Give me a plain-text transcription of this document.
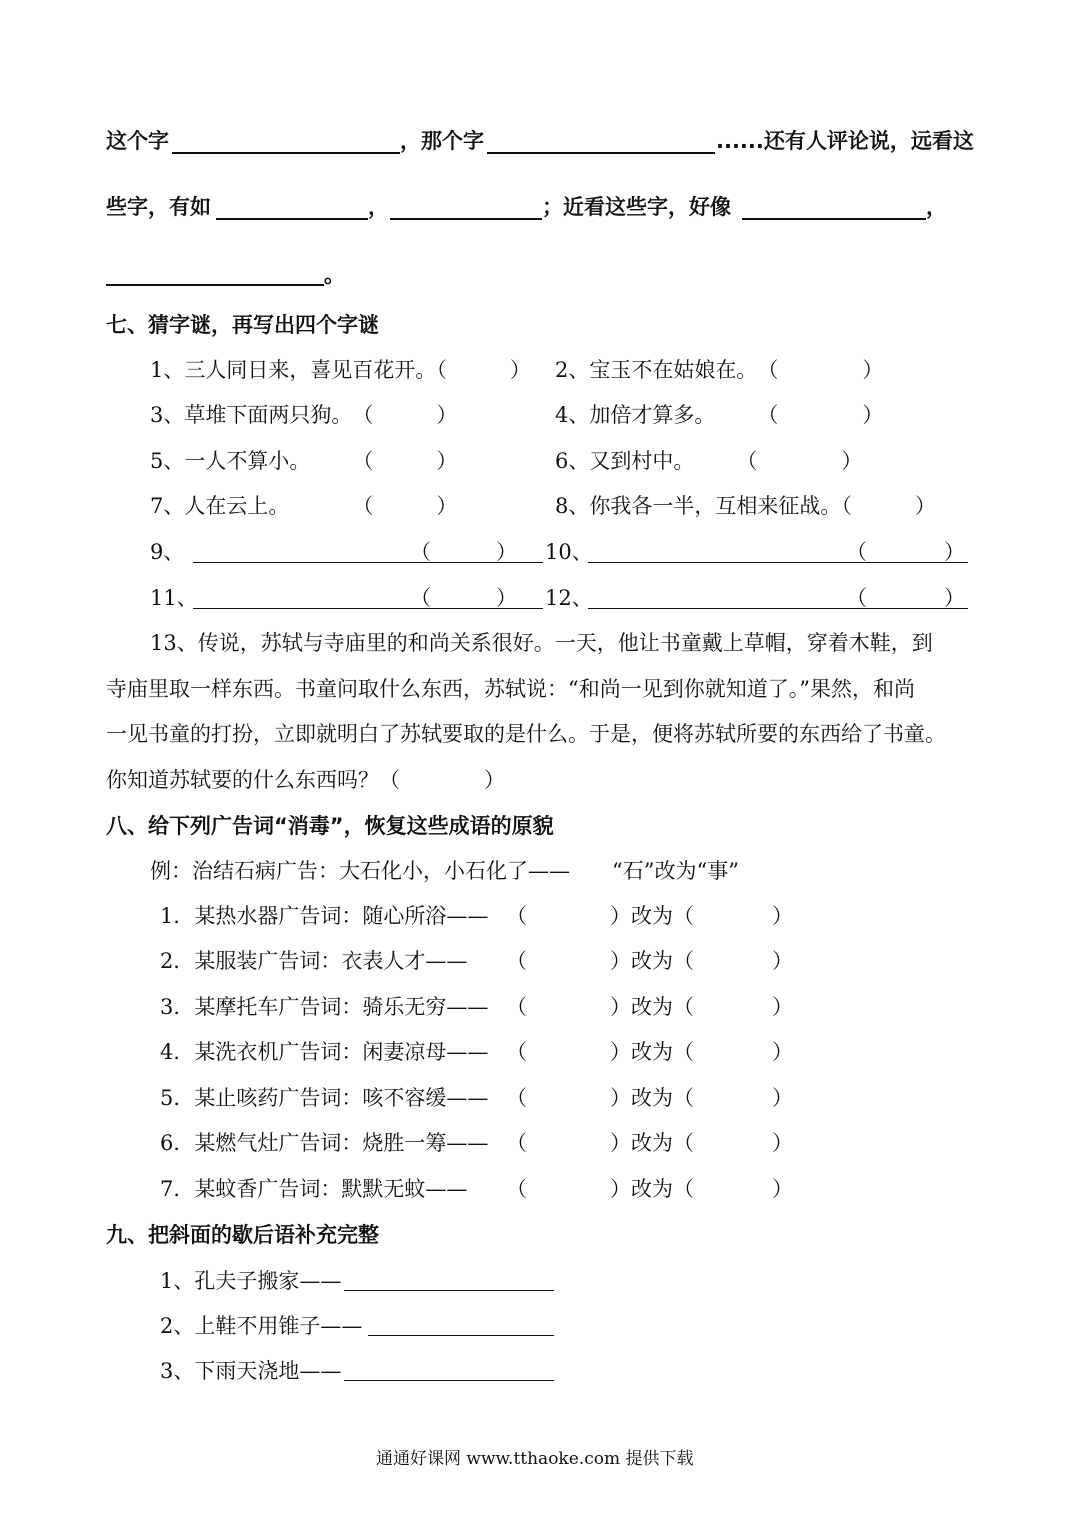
这个字	，那个字	......还有人评论说，远看这
些字，有如	，	；近看这些字，好像	，
。
七、猜字谜，再写出四个字谜
1、三人同日来，喜见百花开。（　　　） 2、宝玉不在姑娘在。　（　　　　）
3、草堆下面两只狗。　（　　　）	4、加倍才算多。　　　（　　　　）
5、一人不算小。　　　（　　　）	6、又到村中。　　　（　　　　）
7、人在云上。　　　　（　　　）	8、你我各一半，互相来征战。（　　　）
9、	（	） 10、	（	）
11、	（	） 12、	（	）
13、传说，苏轼与寺庙里的和尚关系很好。一天，他让书童戴上草帽，穿着木鞋，到
寺庙里取一样东西。书童问取什么东西，苏轼说：“和尚一见到你就知道了。”果然，和尚
一见书童的打扮，立即就明白了苏轼要取的是什么。于是，便将苏轼所要的东西给了书童。
你知道苏轼要的什么东西吗？（　　　　）
八、给下列广告词“消毒”，恢复这些成语的原貌
例：治结石病广告：大石化小，小石化了——　　“石”改为“事”
1．某热水器广告词：随心所浴—— （	）改为（	）
2．某服装广告词：衣表人才——　 （	）改为（	）
3．某摩托车广告词：骑乐无穷—— （	）改为（	）
4．某洗衣机广告词：闲妻凉母—— （	）改为（	）
5．某止咳药广告词：咳不容缓—— （	）改为（	）
6．某燃气灶广告词：烧胜一筹—— （	）改为（	）
7．某蚊香广告词：默默无蚊——　 （	）改为（	）
九、把斜面的歇后语补充完整
1、孔夫子搬家——
2、上鞋不用锥子——
3、下雨天浇地——
通通好课网 www.tthaoke.com 提供下载
